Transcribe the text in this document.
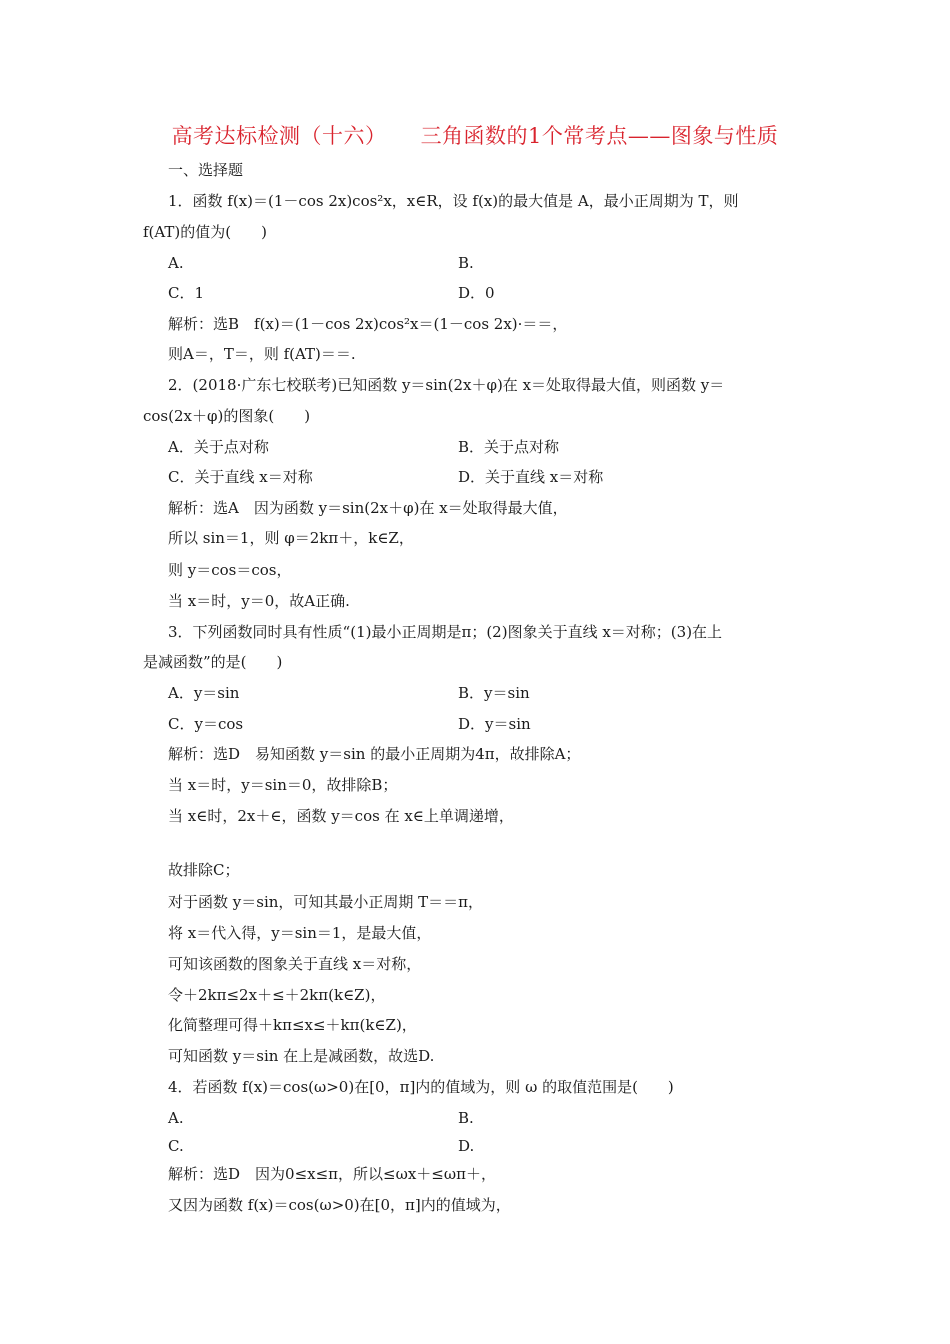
高考达标检测（十六） 三角函数的1个常考点——图象与性质
一、选择题
1．函数 f(x)＝(1－cos 2x)cos²x，x∈R，设 f(x)的最大值是 A，最小正周期为 T，则
f(AT)的值为(　　)
A.	B.
C．1	D．0
解析：选B　f(x)＝(1－cos 2x)cos²x＝(1－cos 2x)·＝＝，
则A＝，T＝，则 f(AT)＝＝.
2．(2018·广东七校联考)已知函数 y＝sin(2x＋φ)在 x＝处取得最大值，则函数 y＝
cos(2x＋φ)的图象(　　)
A．关于点对称	B．关于点对称
C．关于直线 x＝对称	D．关于直线 x＝对称
解析：选A　因为函数 y＝sin(2x＋φ)在 x＝处取得最大值，
所以 sin＝1，则 φ＝2kπ＋，k∈Z，
则 y＝cos＝cos，
当 x＝时，y＝0，故A正确.
3．下列函数同时具有性质“(1)最小正周期是π；(2)图象关于直线 x＝对称；(3)在上
是减函数”的是(　　)
A．y＝sin	B．y＝sin
C．y＝cos	D．y＝sin
解析：选D　易知函数 y＝sin 的最小正周期为4π，故排除A；
当 x＝时，y＝sin＝0，故排除B；
当 x∈时，2x＋∈，函数 y＝cos 在 x∈上单调递增，
故排除C；
对于函数 y＝sin，可知其最小正周期 T＝＝π，
将 x＝代入得，y＝sin＝1，是最大值，
可知该函数的图象关于直线 x＝对称，
令＋2kπ≤2x＋≤＋2kπ(k∈Z)，
化简整理可得＋kπ≤x≤＋kπ(k∈Z)，
可知函数 y＝sin 在上是减函数，故选D.
4．若函数 f(x)＝cos(ω>0)在[0，π]内的值域为，则 ω 的取值范围是(　　)
A.	B.
C.	D.
解析：选D　因为0≤x≤π，所以≤ωx＋≤ωπ＋，
又因为函数 f(x)＝cos(ω>0)在[0，π]内的值域为，
